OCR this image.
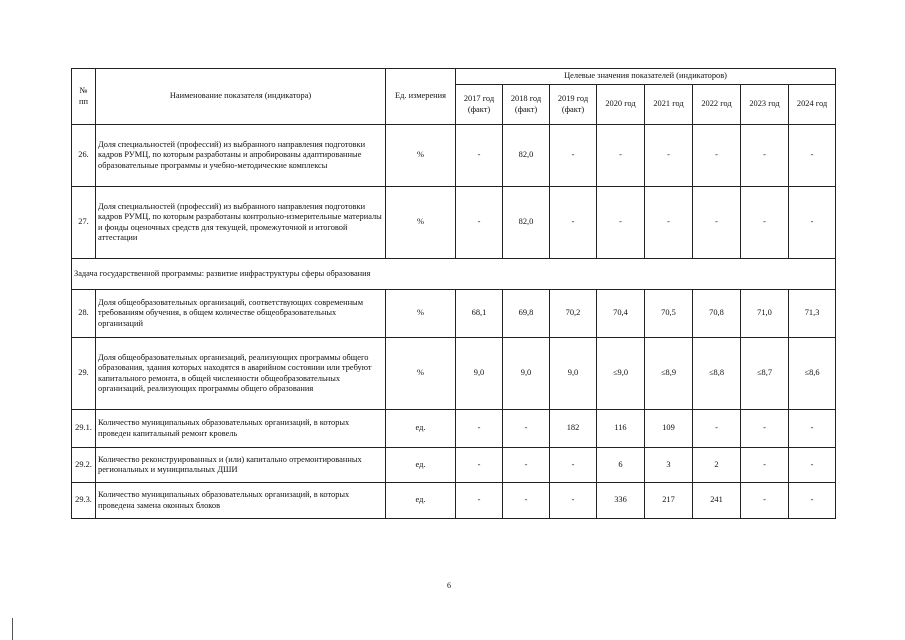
№ пп	Наименование показателя (индикатора)	Ед. измерения	Целевые значения показателей (индикаторов)							
			2017 год (факт)	2018 год (факт)	2019 год (факт)	2020 год	2021 год	2022 год	2023 год	2024 год
26.	Доля специальностей (профессий) из выбранного направления подготовки кадров РУМЦ, по которым разработаны и апробированы адаптированные образовательные программы и учебно-методические комплексы	%	-	82,0	-	-	-	-	-	-
27.	Доля специальностей (профессий) из выбранного направления подготовки кадров РУМЦ, по которым разработаны контрольно-измерительные материалы и фонды оценочных средств для текущей, промежуточной и итоговой аттестации	%	-	82,0	-	-	-	-	-	-
Задача государственной программы: развитие инфраструктуры сферы образования										
28.	Доля общеобразовательных организаций, соответствующих современным требованиям обучения, в общем количестве общеобразовательных организаций	%	68,1	69,8	70,2	70,4	70,5	70,8	71,0	71,3
29.	Доля общеобразовательных организаций, реализующих программы общего образования, здания которых находятся в аварийном состоянии или требуют капитального ремонта, в общей численности общеобразовательных организаций, реализующих программы общего образования	%	9,0	9,0	9,0	≤9,0	≤8,9	≤8,8	≤8,7	≤8,6
29.1.	Количество муниципальных образовательных организаций, в которых проведен капитальный ремонт кровель	ед.	-	-	182	116	109	-	-	-
29.2.	Количество реконструированных и (или) капитально отремонтированных региональных и муниципальных ДШИ	ед.	-	-	-	6	3	2	-	-
29.3.	Количество муниципальных образовательных организаций, в которых проведена замена оконных блоков	ед.	-	-	-	336	217	241	-	-
6
